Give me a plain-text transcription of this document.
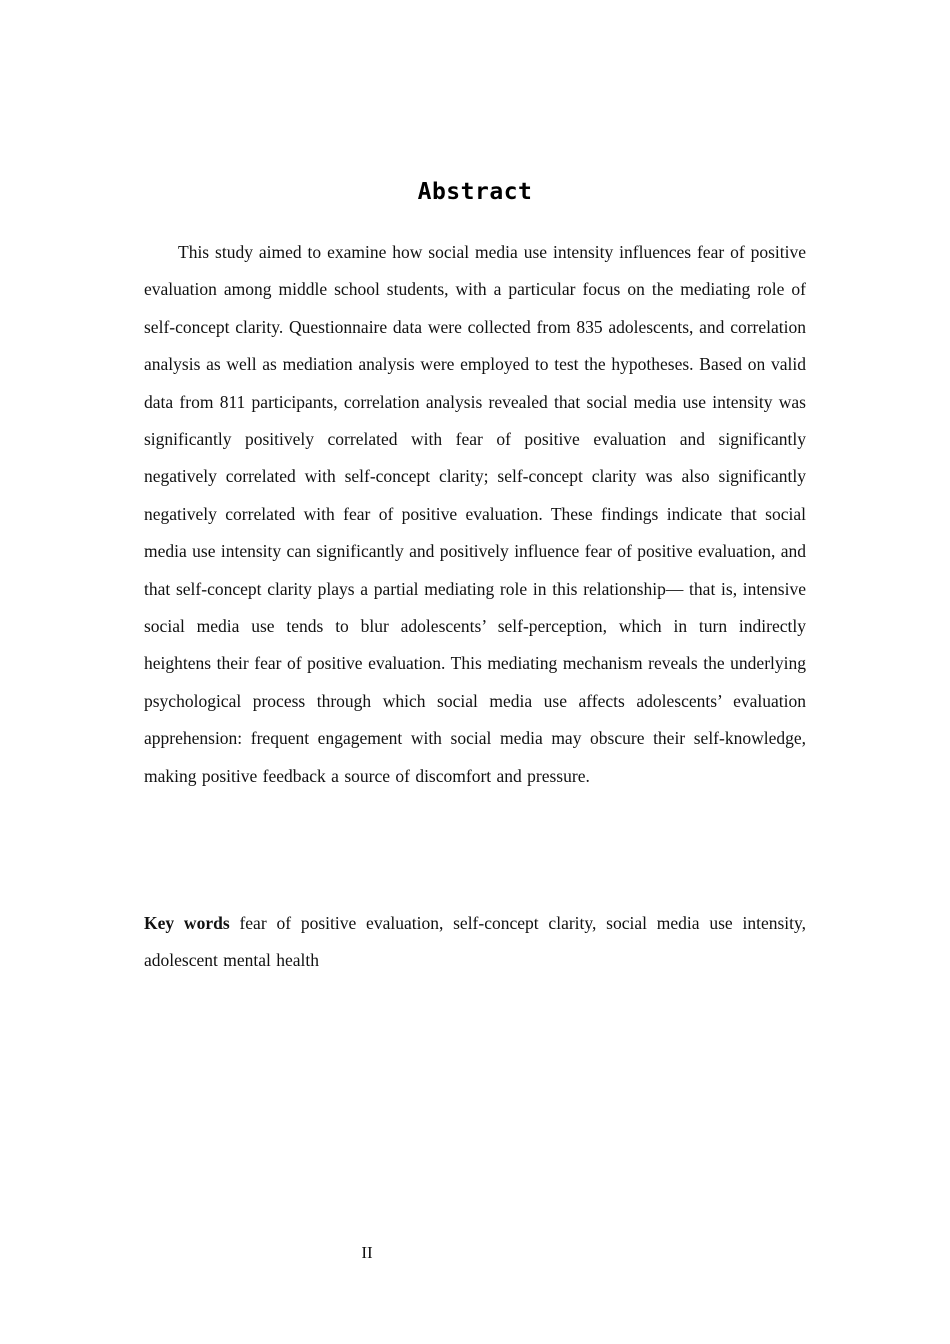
Abstract

This study aimed to examine how social media use intensity influences fear of positive evaluation among middle school students, with a particular focus on the mediating role of self-concept clarity. Questionnaire data were collected from 835 adolescents, and correlation analysis as well as mediation analysis were employed to test the hypotheses. Based on valid data from 811 participants, correlation analysis revealed that social media use intensity was significantly positively correlated with fear of positive evaluation and significantly negatively correlated with self-concept clarity; self-concept clarity was also significantly negatively correlated with fear of positive evaluation. These findings indicate that social media use intensity can significantly and positively influence fear of positive evaluation, and that self-concept clarity plays a partial mediating role in this relationship— that is, intensive social media use tends to blur adolescents’ self-perception, which in turn indirectly heightens their fear of positive evaluation. This mediating mechanism reveals the underlying psychological process through which social media use affects adolescents’ evaluation apprehension: frequent engagement with social media may obscure their self-knowledge, making positive feedback a source of discomfort and pressure.

Key words fear of positive evaluation, self-concept clarity, social media use intensity, adolescent mental health

II
